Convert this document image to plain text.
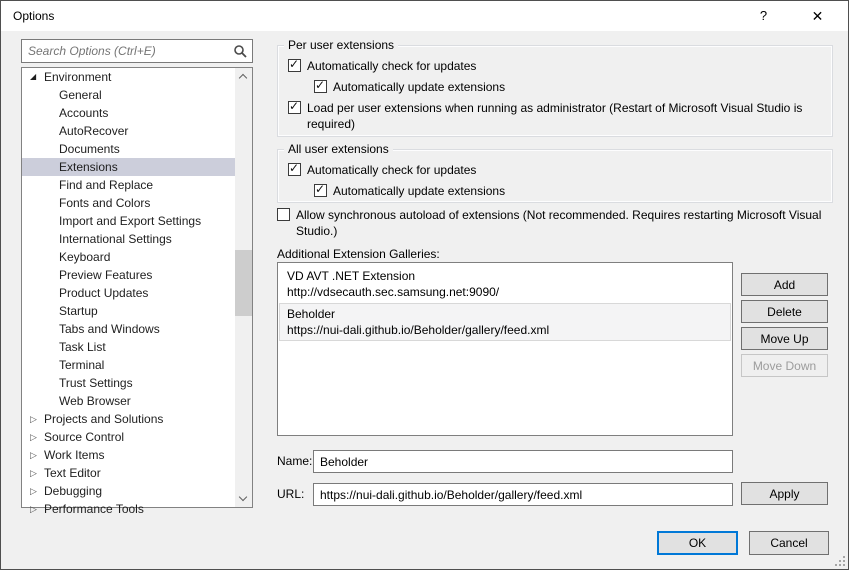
Options	?	✕
Search Options (Ctrl+E)
◢ Environment
General
Accounts
AutoRecover
Documents
Extensions
Find and Replace
Fonts and Colors
Import and Export Settings
International Settings
Keyboard
Preview Features
Product Updates
Startup
Tabs and Windows
Task List
Terminal
Trust Settings
Web Browser
▷ Projects and Solutions
▷ Source Control
▷ Work Items
▷ Text Editor
▷ Debugging
▷ Performance Tools
Per user extensions
✓
Automatically check for updates
✓
Automatically update extensions
✓
Load per user extensions when running as administrator (Restart of Microsoft Visual Studio is required)
All user extensions
✓
Automatically check for updates
✓
Automatically update extensions
Allow synchronous autoload of extensions (Not recommended. Requires restarting Microsoft Visual Studio.)
Additional Extension Galleries:
VD AVT .NET Extension
http://vdsecauth.sec.samsung.net:9090/
Beholder
https://nui-dali.github.io/Beholder/gallery/feed.xml
Add
Delete
Move Up
Move Down
Name:
Beholder
URL:
https://nui-dali.github.io/Beholder/gallery/feed.xml	Apply
OK	Cancel
